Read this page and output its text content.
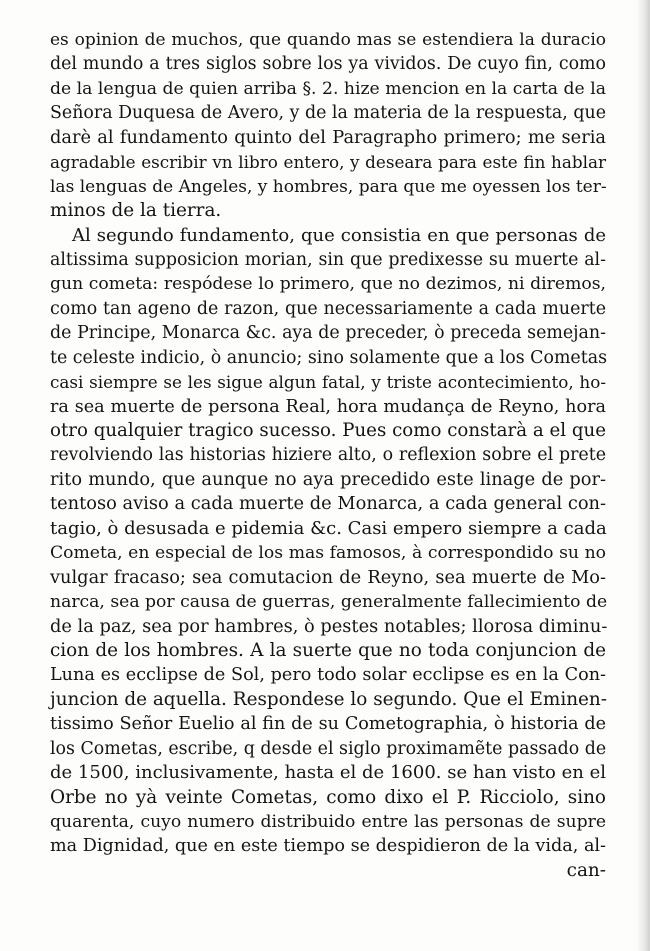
es opinion de muchos, que quando mas se estendiera la duracio
del mundo a tres siglos sobre los ya vividos. De cuyo fin, como
de la lengua de quien arriba §. 2. hize mencion en la carta de la
Señora Duquesa de Avero, y de la materia de la respuesta, que
darè al fundamento quinto del Paragrapho primero; me seria
agradable escribir vn libro entero, y deseara para este fin hablar
las lenguas de Angeles, y hombres, para que me oyessen los ter-
minos de la tierra.
Al segundo fundamento, que consistia en que personas de
altissima supposicion morian, sin que predixesse su muerte al-
gun cometa: respódese lo primero, que no dezimos, ni diremos,
como tan ageno de razon, que necessariamente a cada muerte
de Principe, Monarca &c. aya de preceder, ò preceda semejan-
te celeste indicio, ò anuncio; sino solamente que a los Cometas
casi siempre se les sigue algun fatal, y triste acontecimiento, ho-
ra sea muerte de persona Real, hora mudança de Reyno, hora
otro qualquier tragico sucesso. Pues como constarà a el que
revolviendo las historias hiziere alto, o reflexion sobre el prete
rito mundo, que aunque no aya precedido este linage de por-
tentoso aviso a cada muerte de Monarca, a cada general con-
tagio, ò desusada e pidemia &c. Casi empero siempre a cada
Cometa, en especial de los mas famosos, à correspondido su no
vulgar fracaso; sea comutacion de Reyno, sea muerte de Mo-
narca, sea por causa de guerras, generalmente fallecimiento de
de la paz, sea por hambres, ò pestes notables; llorosa diminu-
cion de los hombres. A la suerte que no toda conjuncion de
Luna es ecclipse de Sol, pero todo solar ecclipse es en la Con-
juncion de aquella. Respondese lo segundo. Que el Eminen-
tissimo Señor Euelio al fin de su Cometographia, ò historia de
los Cometas, escribe, q desde el siglo proximamẽte passado de
de 1500, inclusivamente, hasta el de 1600. se han visto en el
Orbe no yà veinte Cometas, como dixo el P. Ricciolo, sino
quarenta, cuyo numero distribuido entre las personas de supre
ma Dignidad, que en este tiempo se despidieron de la vida, al-
can-
